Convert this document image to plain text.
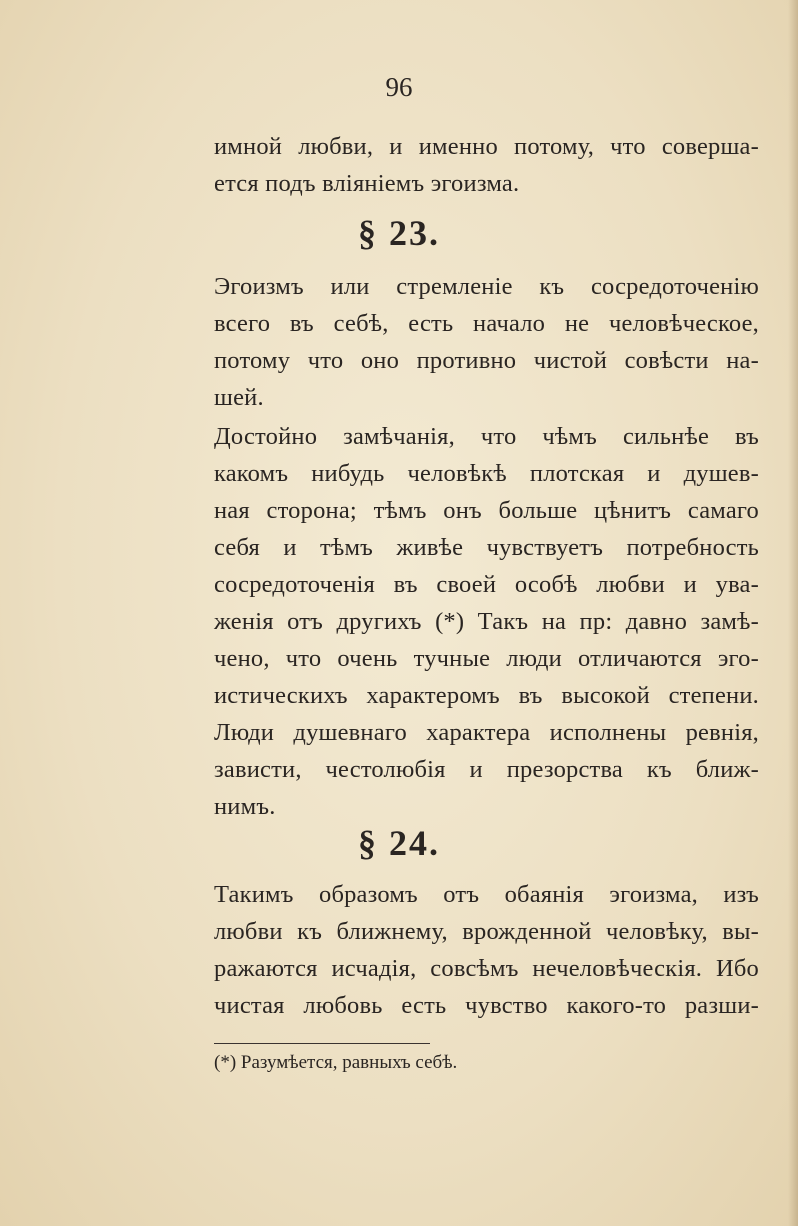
96
имной любви, и именно потому, что соверша-
ется подъ вліяніемъ эгоизма.
§ 23.
Эгоизмъ или стремленіе къ сосредоточенію
всего въ себѣ, есть начало не человѣческое,
потому что оно противно чистой совѣсти на-
шей.
Достойно замѣчанія, что чѣмъ сильнѣе въ
какомъ нибудь человѣкѣ плотская и душев-
ная сторона; тѣмъ онъ больше цѣнитъ самаго
себя и тѣмъ живѣе чувствуетъ потребность
сосредоточенія въ своей особѣ любви и ува-
женія отъ другихъ (*) Такъ на пр: давно замѣ-
чено, что очень тучные люди отличаются эго-
истическихъ характеромъ въ высокой степени.
Люди душевнаго характера исполнены ревнія,
зависти, честолюбія и презорства къ ближ-
нимъ.
§ 24.
Такимъ образомъ отъ обаянія эгоизма, изъ
любви къ ближнему, врожденной человѣку, вы-
ражаются исчадія, совсѣмъ нечеловѣческія. Ибо
чистая любовь есть чувство какого-то разши-
(*) Разумѣется, равныхъ себѣ.
